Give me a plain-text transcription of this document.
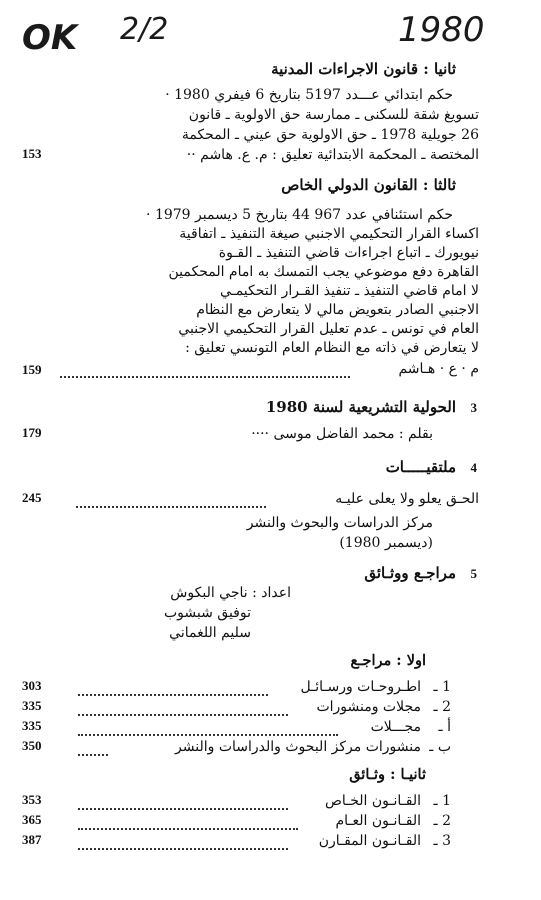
OK 2/2	1980
ثانيا : قانون الاجراءات المدنية
حكم ابتدائي عـــدد 5197 بتاريخ 6 فيفري 1980 ·
تسويغ شقة للسكنى ـ ممارسة حق الاولوية ـ قانون
26 جويلية 1978 ـ حق الاولوية حق عيني ـ المحكمة
المختصة ـ المحكمة الابتدائية تعليق : م. ع. هاشم ··
153
ثالثا : القانون الدولي الخاص
حكم استئنافي عدد 967 44 بتاريخ 5 ديسمبر 1979 ·
اكساء القرار التحكيمي الاجنبي صيغة التنفيذ ـ اتفاقية
نيويورك ـ اتباع اجراءات قاضي التنفيذ ـ القـوة
القاهرة دفع موضوعي يجب التمسك به امام المحكمين
لا امام قاضي التنفيذ ـ تنفيذ القـرار التحكيمـي
الاجنبي الصادر بتعويض مالي لا يتعارض مع النظام
العام في تونس ـ عدم تعليل القرار التحكيمي الاجنبي
لا يتعارض في ذاته مع النظام العام التونسي تعليق :
م · ع · هـاشم
159
الحولية التشريعية لسنة 1980 3
بقلم : محمد الفاضل موسى ····
179
ملتقيـــــات 4
الحـق يعلو ولا يعلى عليـه
245
مركز الدراسات والبحوث والنشر
(ديسمبر 1980)
مراجـع ووثـائق 5
اعداد : ناجي البكوش
توفيق شبشوب
سليم اللغماني
اولا : مراجـع
1 ـ
اطـروحـات ورسـائـل
303
2 ـ
مجلات ومنشورات
335
أ ـ
مجـــلات
335
ب ـ
منشورات مركز البحوث والدراسات والنشر
350
ثانيـا : وثـائق
1 ـ
القـانـون الخـاص
353
2 ـ
القـانـون العـام
365
3 ـ
القـانـون المقـارن
387
